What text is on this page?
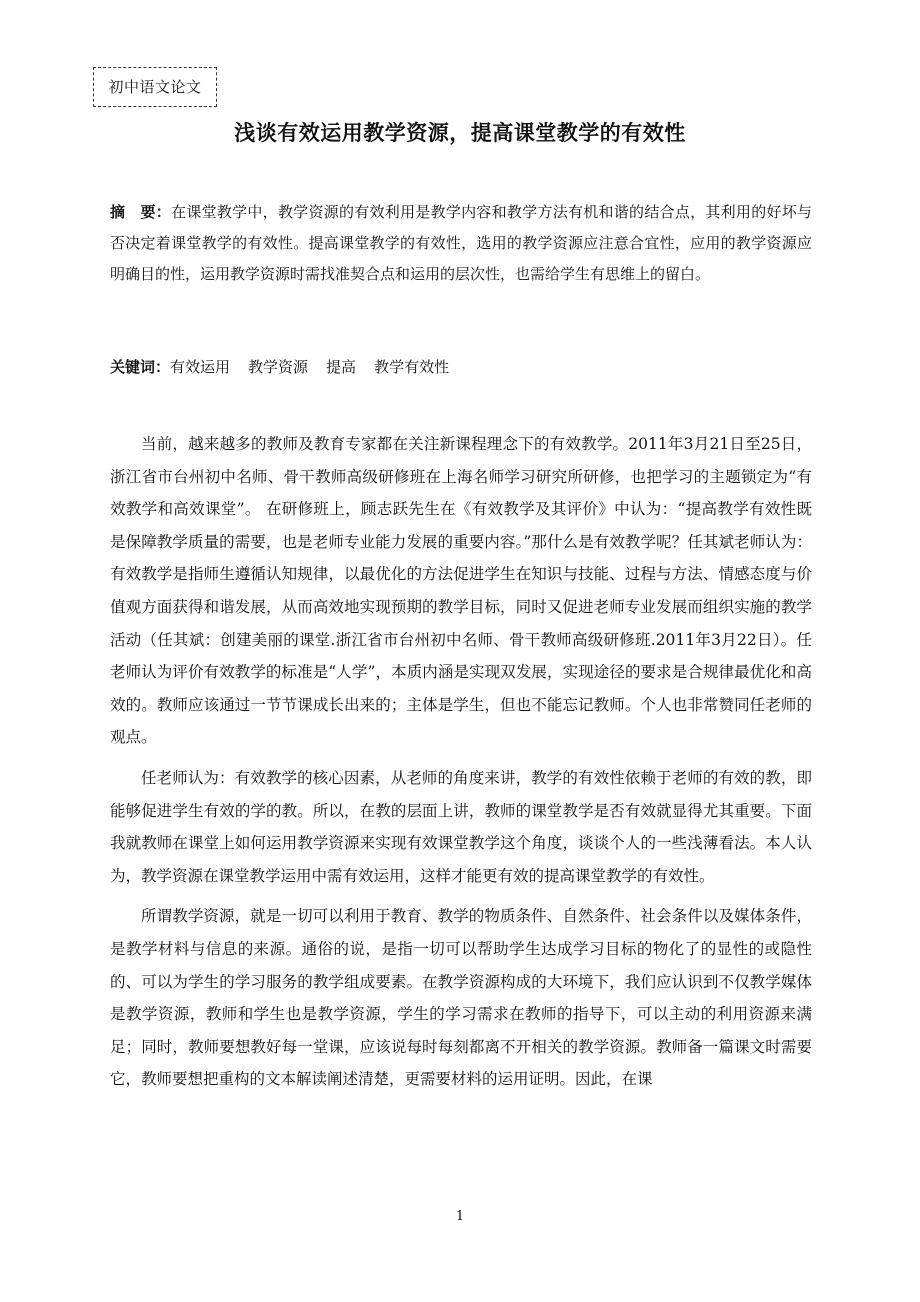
初中语文论文
浅谈有效运用教学资源，提高课堂教学的有效性
摘　要：在课堂教学中，教学资源的有效利用是教学内容和教学方法有机和谐的结合点，其利用的好坏与否决定着课堂教学的有效性。提高课堂教学的有效性，选用的教学资源应注意合宜性，应用的教学资源应明确目的性，运用教学资源时需找准契合点和运用的层次性，也需给学生有思维上的留白。
关键词：有效运用 教学资源 提高 教学有效性

当前，越来越多的教师及教育专家都在关注新课程理念下的有效教学。2011年3月21日至25日，浙江省市台州初中名师、骨干教师高级研修班在上海名师学习研究所研修，也把学习的主题锁定为“有效教学和高效课堂”。 在研修班上，顾志跃先生在《有效教学及其评价》中认为：“提高教学有效性既是保障教学质量的需要，也是老师专业能力发展的重要内容。”那什么是有效教学呢？任其斌老师认为：有效教学是指师生遵循认知规律，以最优化的方法促进学生在知识与技能、过程与方法、情感态度与价值观方面获得和谐发展，从而高效地实现预期的教学目标，同时又促进老师专业发展而组织实施的教学活动（任其斌：创建美丽的课堂.浙江省市台州初中名师、骨干教师高级研修班.2011年3月22日）。任老师认为评价有效教学的标准是“人学”，本质内涵是实现双发展，实现途径的要求是合规律最优化和高效的。教师应该通过一节节课成长出来的；主体是学生，但也不能忘记教师。个人也非常赞同任老师的观点。

任老师认为：有效教学的核心因素，从老师的角度来讲，教学的有效性依赖于老师的有效的教，即能够促进学生有效的学的教。所以，在教的层面上讲，教师的课堂教学是否有效就显得尤其重要。下面我就教师在课堂上如何运用教学资源来实现有效课堂教学这个角度，谈谈个人的一些浅薄看法。本人认为，教学资源在课堂教学运用中需有效运用，这样才能更有效的提高课堂教学的有效性。

所谓教学资源，就是一切可以利用于教育、教学的物质条件、自然条件、社会条件以及媒体条件，是教学材料与信息的来源。通俗的说，是指一切可以帮助学生达成学习目标的物化了的显性的或隐性的、可以为学生的学习服务的教学组成要素。在教学资源构成的大环境下，我们应认识到不仅教学媒体是教学资源，教师和学生也是教学资源，学生的学习需求在教师的指导下，可以主动的利用资源来满足；同时，教师要想教好每一堂课，应该说每时每刻都离不开相关的教学资源。教师备一篇课文时需要它，教师要想把重构的文本解读阐述清楚，更需要材料的运用证明。因此，在课

1
